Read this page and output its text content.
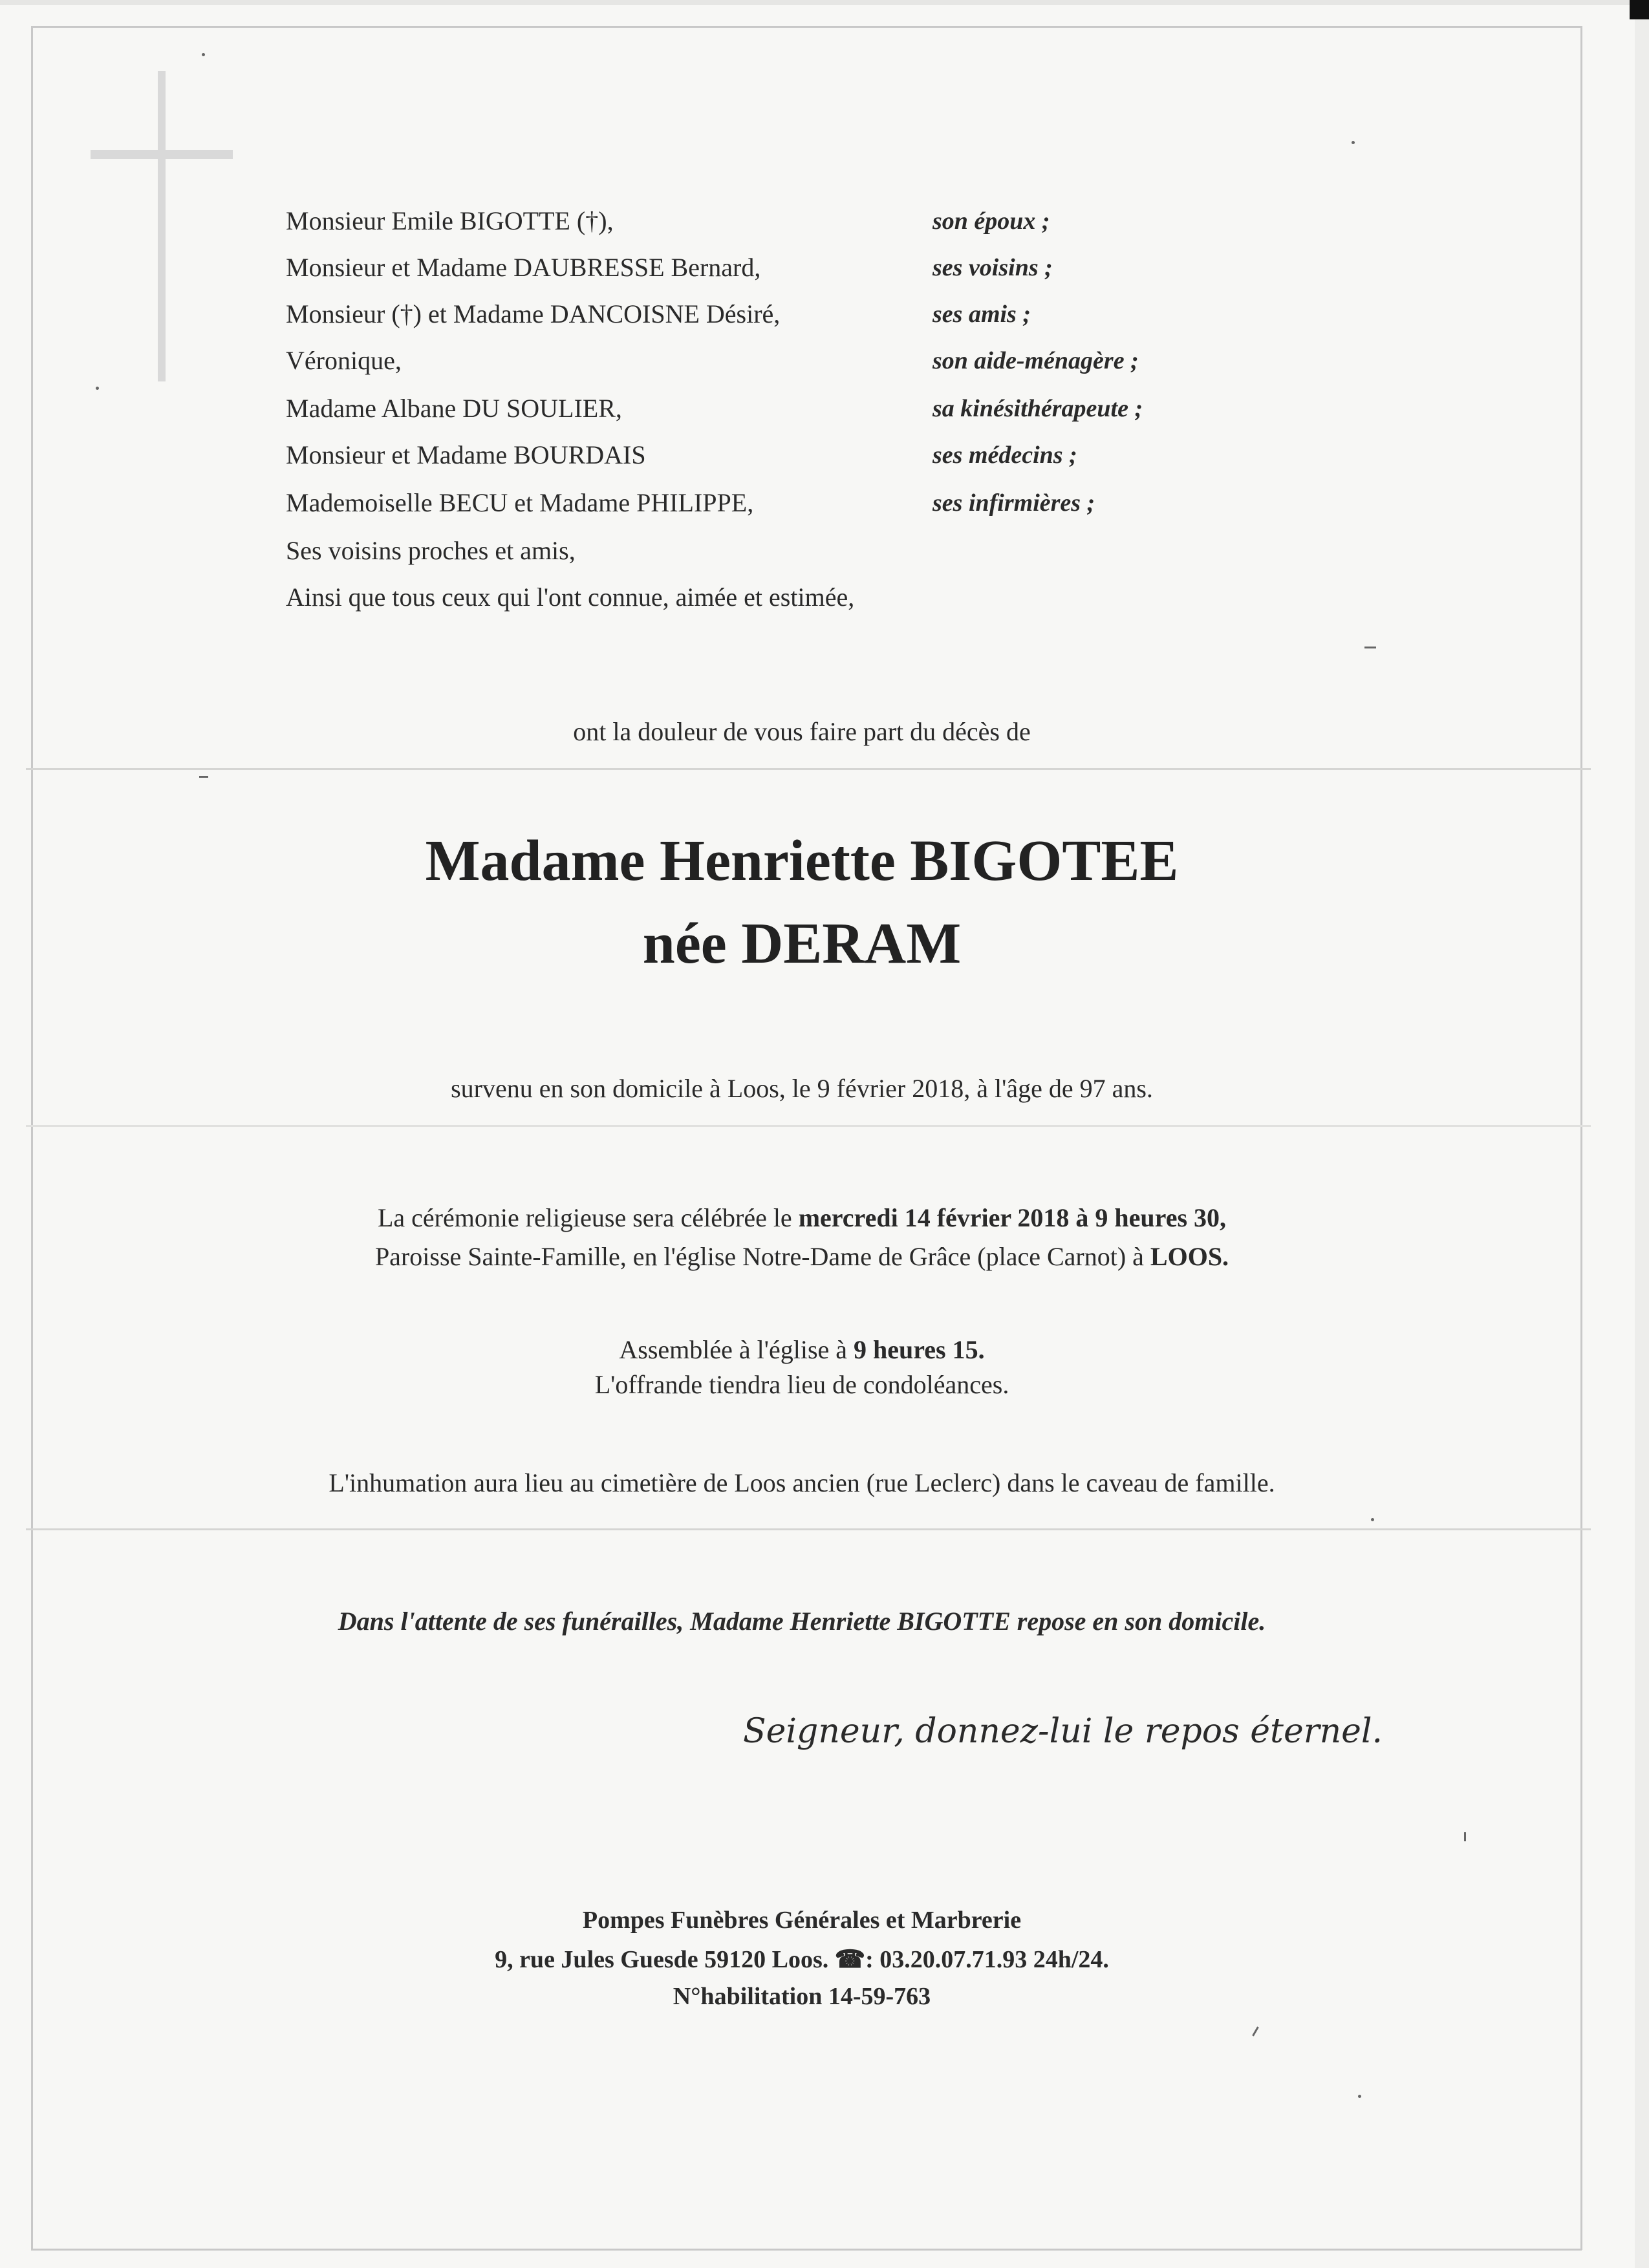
Monsieur Emile BIGOTTE (†),
Monsieur et Madame DAUBRESSE Bernard,
Monsieur (†) et Madame DANCOISNE Désiré,
Véronique,
Madame Albane DU SOULIER,
Monsieur et Madame BOURDAIS
Mademoiselle BECU et Madame PHILIPPE,
Ses voisins proches et amis,
Ainsi que tous ceux qui l'ont connue, aimée et estimée,
son époux ;
ses voisins ;
ses amis ;
son aide-ménagère ;
sa kinésithérapeute ;
ses médecins ;
ses infirmières ;
ont la douleur de vous faire part du décès de
Madame Henriette BIGOTEE
née DERAM
survenu en son domicile à Loos, le 9 février 2018, à l'âge de 97 ans.
La cérémonie religieuse sera célébrée le mercredi 14 février 2018 à 9 heures 30,
Paroisse Sainte-Famille, en l'église Notre-Dame de Grâce (place Carnot) à LOOS.
Assemblée à l'église à 9 heures 15.
L'offrande tiendra lieu de condoléances.
L'inhumation aura lieu au cimetière de Loos ancien (rue Leclerc) dans le caveau de famille.
Dans l'attente de ses funérailles, Madame Henriette BIGOTTE repose en son domicile.
Seigneur, donnez-lui le repos éternel.
Pompes Funèbres Générales et Marbrerie
9, rue Jules Guesde 59120 Loos. ☎: 03.20.07.71.93 24h/24.
N°habilitation 14-59-763
